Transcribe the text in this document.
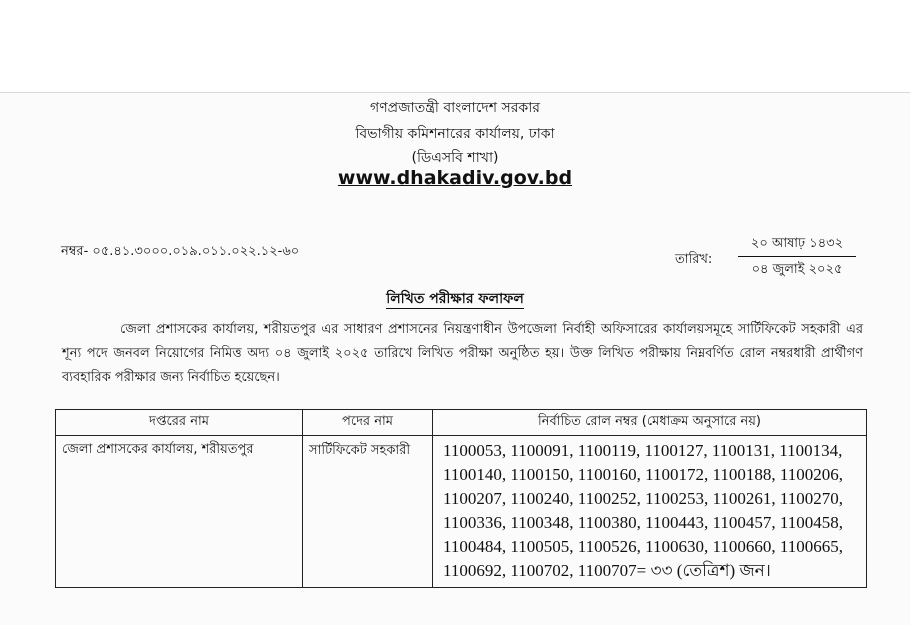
গণপ্রজাতন্ত্রী বাংলাদেশ সরকার
বিভাগীয় কমিশনারের কার্যালয়, ঢাকা
(ডিএসবি শাখা)
www.dhakadiv.gov.bd
নম্বর- ০৫.৪১.৩০০০.০১৯.০১১.০২২.১২-৬০
তারিখ:
২০ আষাঢ় ১৪৩২
০৪ জুলাই ২০২৫
লিখিত পরীক্ষার ফলাফল
জেলা প্রশাসকের কার্যালয়, শরীয়তপুর এর সাধারণ প্রশাসনের নিয়ন্ত্রণাধীন উপজেলা নির্বাহী অফিসারের কার্যালয়সমূহে সার্টিফিকেট সহকারী এর শূন্য পদে জনবল নিয়োগের নিমিত্ত অদ্য ০৪ জুলাই ২০২৫ তারিখে লিখিত পরীক্ষা অনুষ্ঠিত হয়। উক্ত লিখিত পরীক্ষায় নিম্নবর্ণিত রোল নম্বরধারী প্রার্থীগণ ব্যবহারিক পরীক্ষার জন্য নির্বাচিত হয়েছেন।
দপ্তরের নাম	পদের নাম	নির্বাচিত রোল নম্বর (মেধাক্রম অনুসারে নয়)
জেলা প্রশাসকের কার্যালয়, শরীয়তপুর	সার্টিফিকেট সহকারী	1100053, 1100091, 1100119, 1100127, 1100131, 1100134, 1100140, 1100150, 1100160, 1100172, 1100188, 1100206, 1100207, 1100240, 1100252, 1100253, 1100261, 1100270, 1100336, 1100348, 1100380, 1100443, 1100457, 1100458, 1100484, 1100505, 1100526, 1100630, 1100660, 1100665, 1100692, 1100702, 1100707= ৩৩ (তেত্রিশ) জন।
